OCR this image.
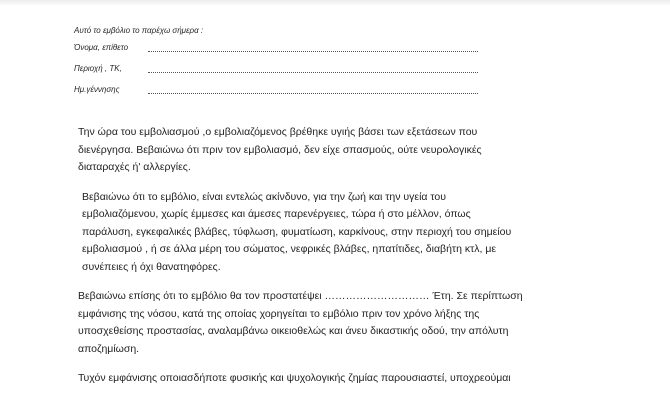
Αυτό το εμβόλιο το παρέχω σήμερα :
Όνομα, επίθετο
Περιοχή , ΤΚ,
Ημ.γέννησης

Την ώρα του εμβολιασμού ,ο εμβολιαζόμενος βρέθηκε υγιής βάσει των εξετάσεων που
διενέργησα. Βεβαιώνω ότι πριν τον εμβολιασμό, δεν είχε σπασμούς, ούτε νευρολογικές
διαταραχές ή' αλλεργίες.

Βεβαιώνω ότι το εμβόλιο, είναι εντελώς ακίνδυνο, για την ζωή και την υγεία του
εμβολιαζόμενου, χωρίς έμμεσες και άμεσες παρενέργειες, τώρα ή στο μέλλον, όπως
παράλυση, εγκεφαλικές βλάβες, τύφλωση, φυματίωση, καρκίνους, στην περιοχή του σημείου
εμβολιασμού , ή σε άλλα μέρη του σώματος, νεφρικές βλάβες, ηπατίτιδες, διαβήτη κτλ, με
συνέπειες ή όχι θανατηφόρες.

Βεβαιώνω επίσης ότι το εμβόλιο θα τον προστατέψει ………………………… Έτη. Σε περίπτωση
εμφάνισης της νόσου, κατά της οποίας χορηγείται το εμβόλιο πριν τον χρόνο λήξης της
υποσχεθείσης προστασίας, αναλαμβάνω οικειοθελώς και άνευ δικαστικής οδού, την απόλυτη
αποζημίωση.

Τυχόν εμφάνισης οποιασδήποτε φυσικής και ψυχολογικής ζημίας παρουσιαστεί, υποχρεούμαι
